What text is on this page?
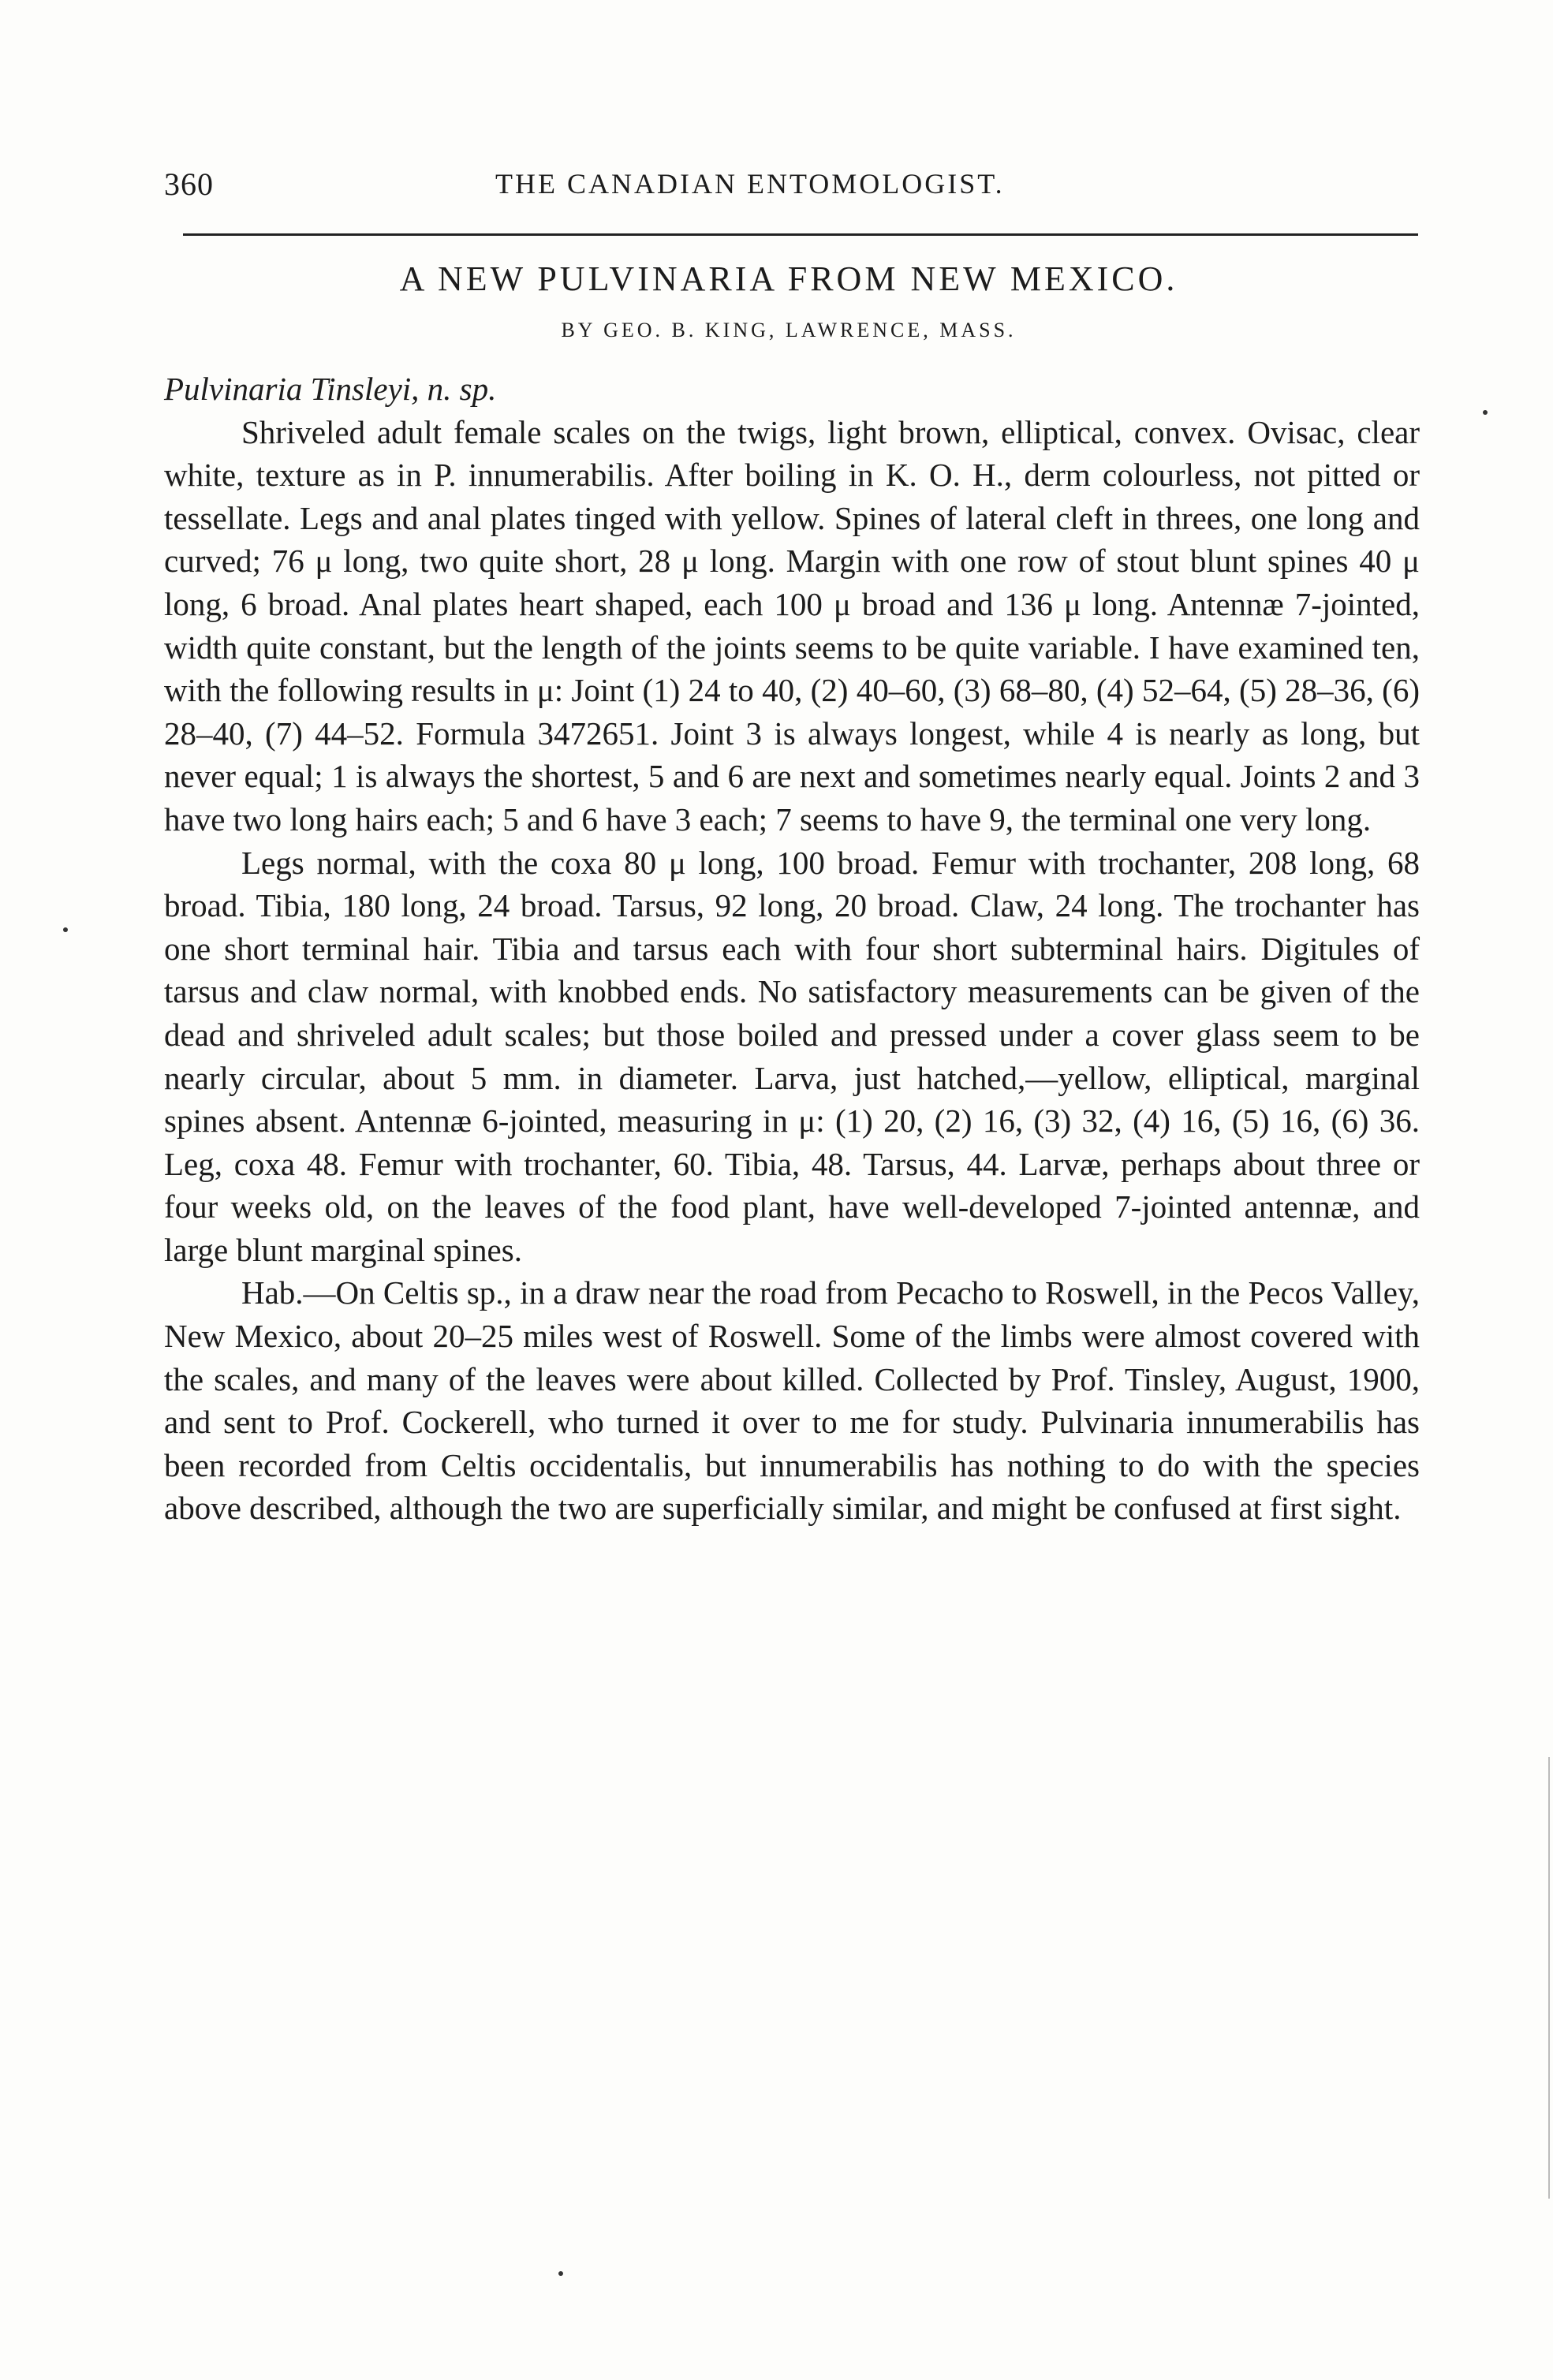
360	THE CANADIAN ENTOMOLOGIST.
A NEW PULVINARIA FROM NEW MEXICO.
BY GEO. B. KING, LAWRENCE, MASS.

Pulvinaria Tinsleyi, n. sp.

Shriveled adult female scales on the twigs, light brown, elliptical, convex. Ovisac, clear white, texture as in P. innumerabilis. After boiling in K. O. H., derm colourless, not pitted or tessellate. Legs and anal plates tinged with yellow. Spines of lateral cleft in threes, one long and curved; 76 μ long, two quite short, 28 μ long. Margin with one row of stout blunt spines 40 μ long, 6 broad. Anal plates heart shaped, each 100 μ broad and 136 μ long. Antennæ 7-jointed, width quite constant, but the length of the joints seems to be quite variable. I have examined ten, with the following results in μ: Joint (1) 24 to 40, (2) 40–60, (3) 68–80, (4) 52–64, (5) 28–36, (6) 28–40, (7) 44–52. Formula 3472651. Joint 3 is always longest, while 4 is nearly as long, but never equal; 1 is always the shortest, 5 and 6 are next and sometimes nearly equal. Joints 2 and 3 have two long hairs each; 5 and 6 have 3 each; 7 seems to have 9, the terminal one very long.

Legs normal, with the coxa 80 μ long, 100 broad. Femur with trochanter, 208 long, 68 broad. Tibia, 180 long, 24 broad. Tarsus, 92 long, 20 broad. Claw, 24 long. The trochanter has one short terminal hair. Tibia and tarsus each with four short subterminal hairs. Digitules of tarsus and claw normal, with knobbed ends. No satisfactory measurements can be given of the dead and shriveled adult scales; but those boiled and pressed under a cover glass seem to be nearly circular, about 5 mm. in diameter. Larva, just hatched,—yellow, elliptical, marginal spines absent. Antennæ 6-jointed, measuring in μ: (1) 20, (2) 16, (3) 32, (4) 16, (5) 16, (6) 36. Leg, coxa 48. Femur with trochanter, 60. Tibia, 48. Tarsus, 44. Larvæ, perhaps about three or four weeks old, on the leaves of the food plant, have well-developed 7-jointed antennæ, and large blunt marginal spines.

Hab.—On Celtis sp., in a draw near the road from Pecacho to Roswell, in the Pecos Valley, New Mexico, about 20–25 miles west of Roswell. Some of the limbs were almost covered with the scales, and many of the leaves were about killed. Collected by Prof. Tinsley, August, 1900, and sent to Prof. Cockerell, who turned it over to me for study. Pulvinaria innumerabilis has been recorded from Celtis occidentalis, but innumerabilis has nothing to do with the species above described, although the two are superficially similar, and might be confused at first sight.
